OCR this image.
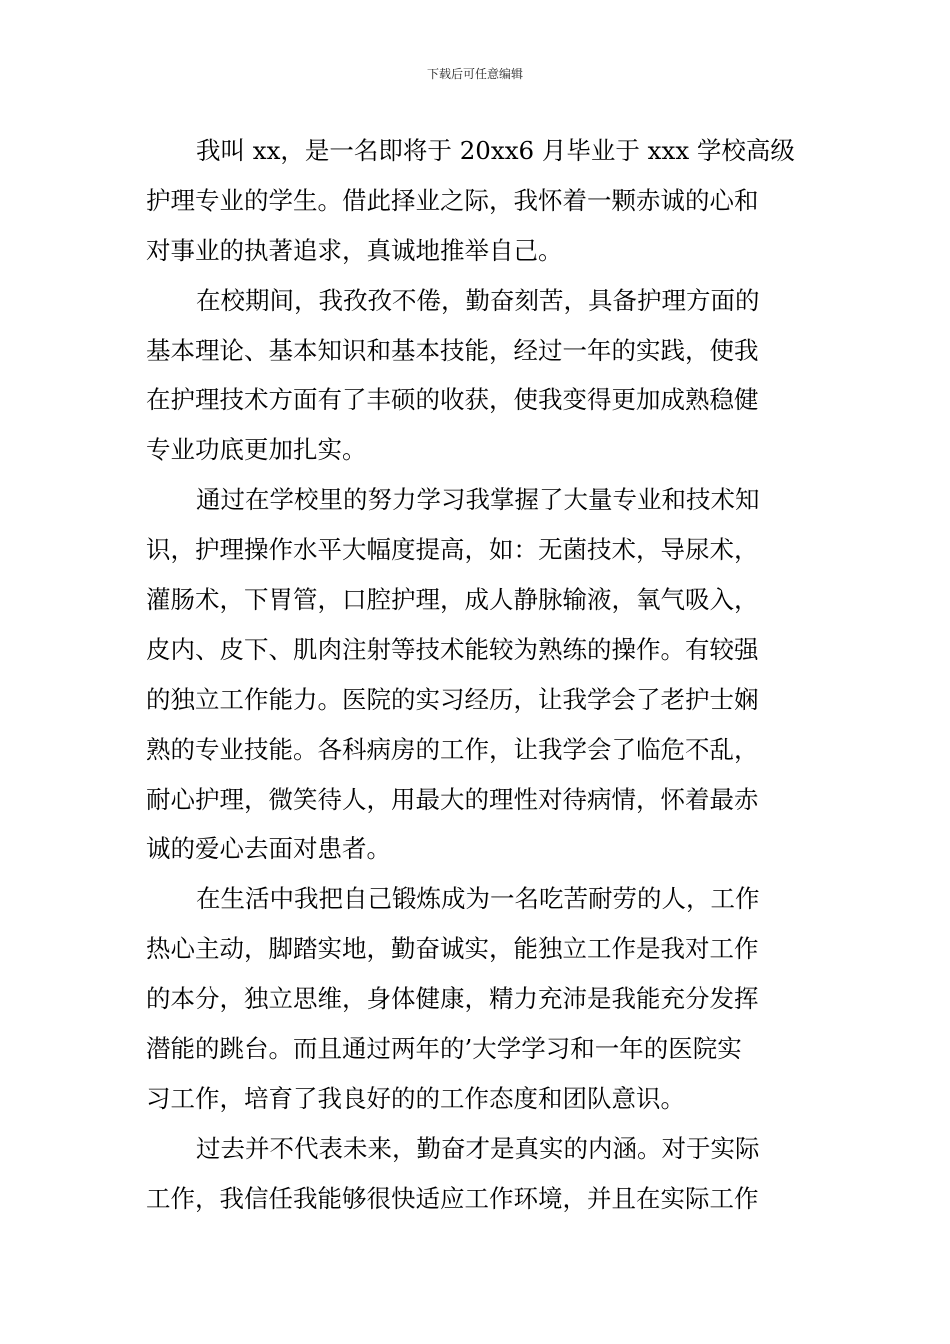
下载后可任意编辑
我叫 xx，是一名即将于 20xx6 月毕业于 xxx 学校高级
护理专业的学生。借此择业之际，我怀着一颗赤诚的心和
对事业的执著追求，真诚地推举自己。
在校期间，我孜孜不倦，勤奋刻苦，具备护理方面的
基本理论、基本知识和基本技能，经过一年的实践，使我
在护理技术方面有了丰硕的收获，使我变得更加成熟稳健
专业功底更加扎实。
通过在学校里的努力学习我掌握了大量专业和技术知
识，护理操作水平大幅度提高，如：无菌技术，导尿术，
灌肠术，下胃管，口腔护理，成人静脉输液，氧气吸入，
皮内、皮下、肌肉注射等技术能较为熟练的操作。有较强
的独立工作能力。医院的实习经历，让我学会了老护士娴
熟的专业技能。各科病房的工作，让我学会了临危不乱，
耐心护理，微笑待人，用最大的理性对待病情，怀着最赤
诚的爱心去面对患者。
在生活中我把自己锻炼成为一名吃苦耐劳的人，工作
热心主动，脚踏实地，勤奋诚实，能独立工作是我对工作
的本分，独立思维，身体健康，精力充沛是我能充分发挥
潜能的跳台。而且通过两年的’大学学习和一年的医院实
习工作，培育了我良好的的工作态度和团队意识。
过去并不代表未来，勤奋才是真实的内涵。对于实际
工作，我信任我能够很快适应工作环境，并且在实际工作
